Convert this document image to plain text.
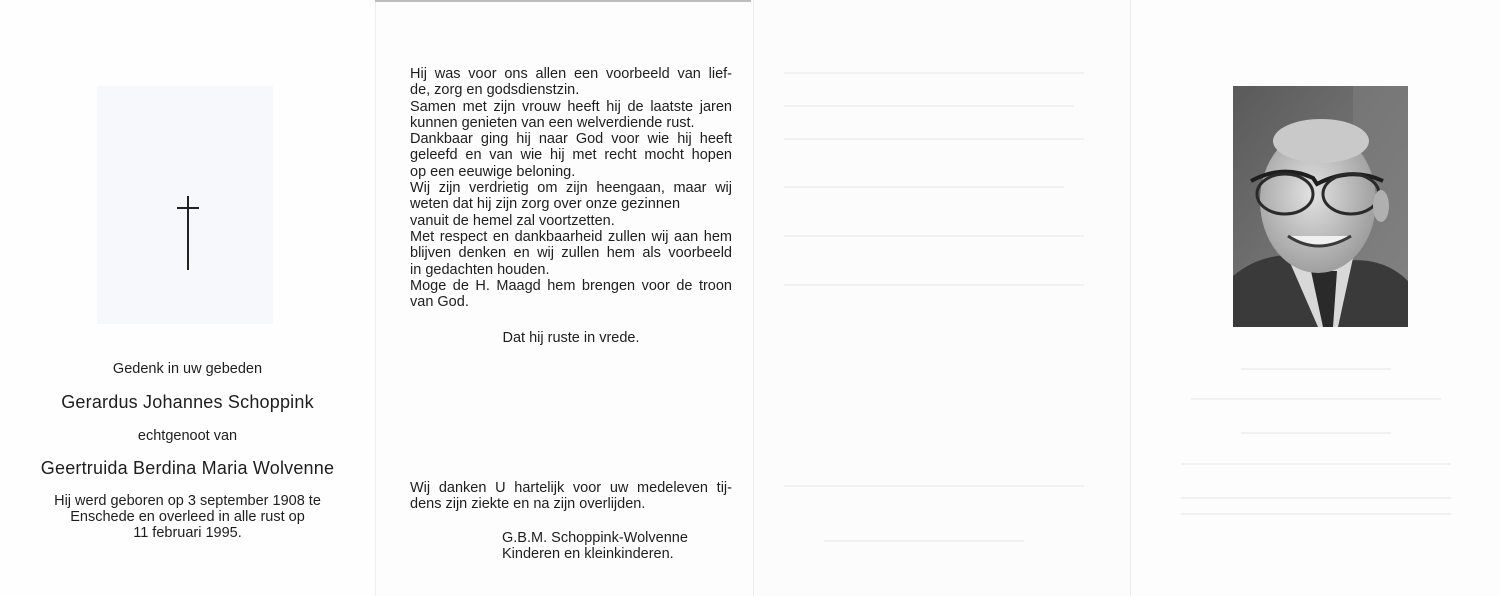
Gedenk in uw gebeden
Gerardus Johannes Schoppink
echtgenoot van
Geertruida Berdina Maria Wolvenne
Hij werd geboren op 3 september 1908 te
Enschede en overleed in alle rust op
11 februari 1995.
Hij was voor ons allen een voorbeeld van lief-
de, zorg en godsdienstzin.
Samen met zijn vrouw heeft hij de laatste jaren
kunnen genieten van een welverdiende rust.
Dankbaar ging hij naar God voor wie hij heeft
geleefd en van wie hij met recht mocht hopen
op een eeuwige beloning.
Wij zijn verdrietig om zijn heengaan, maar wij
weten dat hij zijn zorg over onze gezinnen
vanuit de hemel zal voortzetten.
Met respect en dankbaarheid zullen wij aan hem
blijven denken en wij zullen hem als voorbeeld
in gedachten houden.
Moge de H. Maagd hem brengen voor de troon
van God.
Dat hij ruste in vrede.
Wij danken U hartelijk voor uw medeleven tij-
dens zijn ziekte en na zijn overlijden.
G.B.M. Schoppink-Wolvenne
Kinderen en kleinkinderen.
